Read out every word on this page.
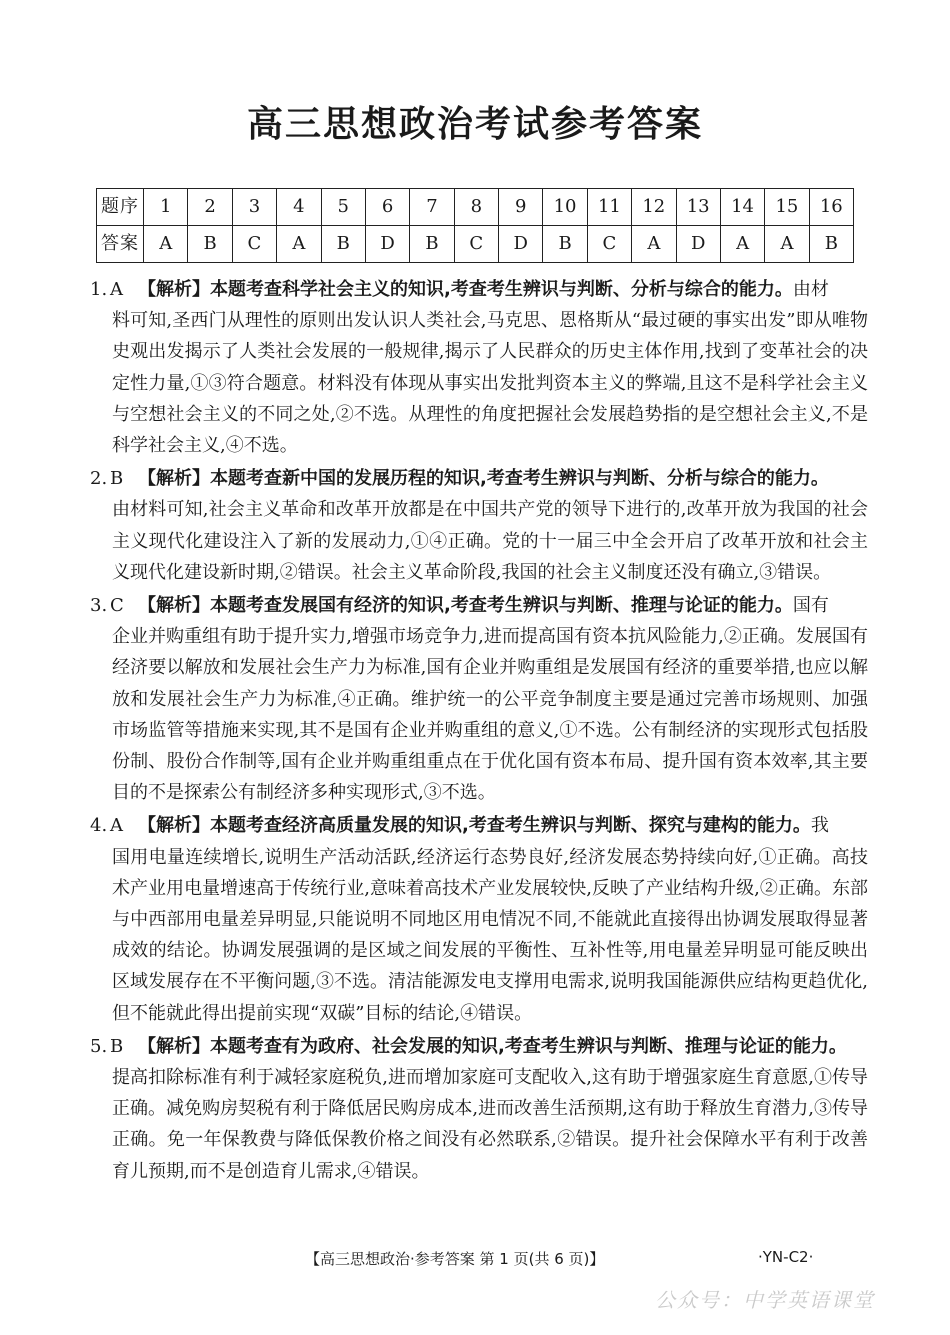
高三思想政治考试参考答案
题序	1	2	3	4	5	6	7	8	9	10	11	12	13	14	15	16
答案	A	B	C	A	B	D	B	C	D	B	C	A	D	A	A	B
1. A 【解析】本题考查科学社会主义的知识,考查考生辨识与判断、分析与综合的能力。由材
料可知,圣西门从理性的原则出发认识人类社会,马克思、恩格斯从“最过硬的事实出发”即从唯物史观出发揭示了人类社会发展的一般规律,揭示了人民群众的历史主体作用,找到了变革社会的决定性力量,①③符合题意。材料没有体现从事实出发批判资本主义的弊端,且这不是科学社会主义与空想社会主义的不同之处,②不选。从理性的角度把握社会发展趋势指的是空想社会主义,不是科学社会主义,④不选。
2. B 【解析】本题考查新中国的发展历程的知识,考查考生辨识与判断、分析与综合的能力。
由材料可知,社会主义革命和改革开放都是在中国共产党的领导下进行的,改革开放为我国的社会主义现代化建设注入了新的发展动力,①④正确。党的十一届三中全会开启了改革开放和社会主义现代化建设新时期,②错误。社会主义革命阶段,我国的社会主义制度还没有确立,③错误。
3. C 【解析】本题考查发展国有经济的知识,考查考生辨识与判断、推理与论证的能力。国有
企业并购重组有助于提升实力,增强市场竞争力,进而提高国有资本抗风险能力,②正确。发展国有经济要以解放和发展社会生产力为标准,国有企业并购重组是发展国有经济的重要举措,也应以解放和发展社会生产力为标准,④正确。维护统一的公平竞争制度主要是通过完善市场规则、加强市场监管等措施来实现,其不是国有企业并购重组的意义,①不选。公有制经济的实现形式包括股份制、股份合作制等,国有企业并购重组重点在于优化国有资本布局、提升国有资本效率,其主要目的不是探索公有制经济多种实现形式,③不选。
4. A 【解析】本题考查经济高质量发展的知识,考查考生辨识与判断、探究与建构的能力。我
国用电量连续增长,说明生产活动活跃,经济运行态势良好,经济发展态势持续向好,①正确。高技术产业用电量增速高于传统行业,意味着高技术产业发展较快,反映了产业结构升级,②正确。东部与中西部用电量差异明显,只能说明不同地区用电情况不同,不能就此直接得出协调发展取得显著成效的结论。协调发展强调的是区域之间发展的平衡性、互补性等,用电量差异明显可能反映出区域发展存在不平衡问题,③不选。清洁能源发电支撑用电需求,说明我国能源供应结构更趋优化,但不能就此得出提前实现“双碳”目标的结论,④错误。
5. B 【解析】本题考查有为政府、社会发展的知识,考查考生辨识与判断、推理与论证的能力。
提高扣除标准有利于减轻家庭税负,进而增加家庭可支配收入,这有助于增强家庭生育意愿,①传导正确。减免购房契税有利于降低居民购房成本,进而改善生活预期,这有助于释放生育潜力,③传导正确。免一年保教费与降低保教价格之间没有必然联系,②错误。提升社会保障水平有利于改善育儿预期,而不是创造育儿需求,④错误。
【高三思想政治·参考答案 第 1 页(共 6 页)】	·YN-C2·
公众号：中学英语课堂
